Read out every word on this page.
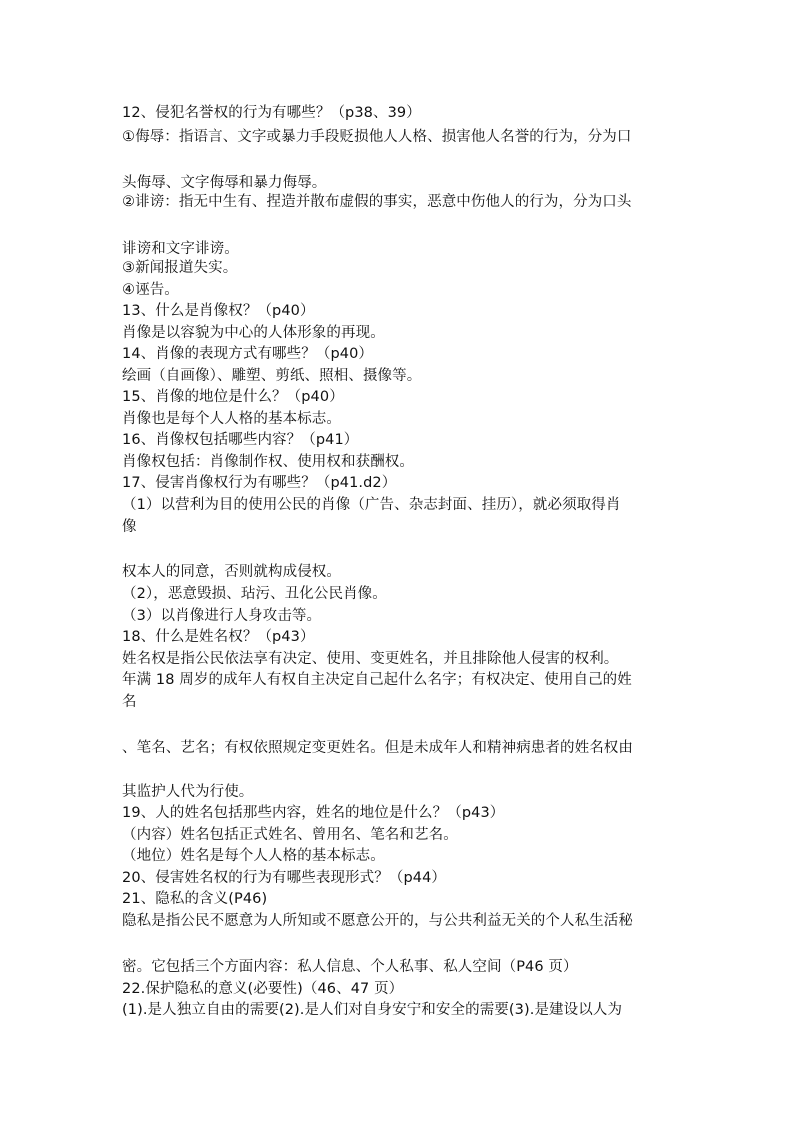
12、侵犯名誉权的行为有哪些？（p38、39）
①侮辱：指语言、文字或暴力手段贬损他人人格、损害他人名誉的行为，分为口
头侮辱、文字侮辱和暴力侮辱。
②诽谤：指无中生有、捏造并散布虚假的事实，恶意中伤他人的行为，分为口头
诽谤和文字诽谤。
③新闻报道失实。
④诬告。
13、什么是肖像权？（p40）
肖像是以容貌为中心的人体形象的再现。
14、肖像的表现方式有哪些？（p40）
绘画（自画像）、雕塑、剪纸、照相、摄像等。
15、肖像的地位是什么？（p40）
肖像也是每个人人格的基本标志。
16、肖像权包括哪些内容？（p41）
肖像权包括：肖像制作权、使用权和获酬权。
17、侵害肖像权行为有哪些？（p41.d2）
（1）以营利为目的使用公民的肖像（广告、杂志封面、挂历），就必须取得肖
像
权本人的同意，否则就构成侵权。
（2），恶意毁损、玷污、丑化公民肖像。
（3）以肖像进行人身攻击等。
18、什么是姓名权？（p43）
姓名权是指公民依法享有决定、使用、变更姓名，并且排除他人侵害的权利。
年满 18 周岁的成年人有权自主决定自己起什么名字；有权决定、使用自己的姓
名
、笔名、艺名；有权依照规定变更姓名。但是未成年人和精神病患者的姓名权由
其监护人代为行使。
19、人的姓名包括那些内容，姓名的地位是什么？（p43）
（内容）姓名包括正式姓名、曾用名、笔名和艺名。
（地位）姓名是每个人人格的基本标志。
20、侵害姓名权的行为有哪些表现形式？（p44）
21、隐私的含义(P46)
隐私是指公民不愿意为人所知或不愿意公开的，与公共利益无关的个人私生活秘
密。它包括三个方面内容：私人信息、个人私事、私人空间（P46 页）
22.保护隐私的意义(必要性)（46、47 页）
(1).是人独立自由的需要(2).是人们对自身安宁和安全的需要(3).是建设以人为
